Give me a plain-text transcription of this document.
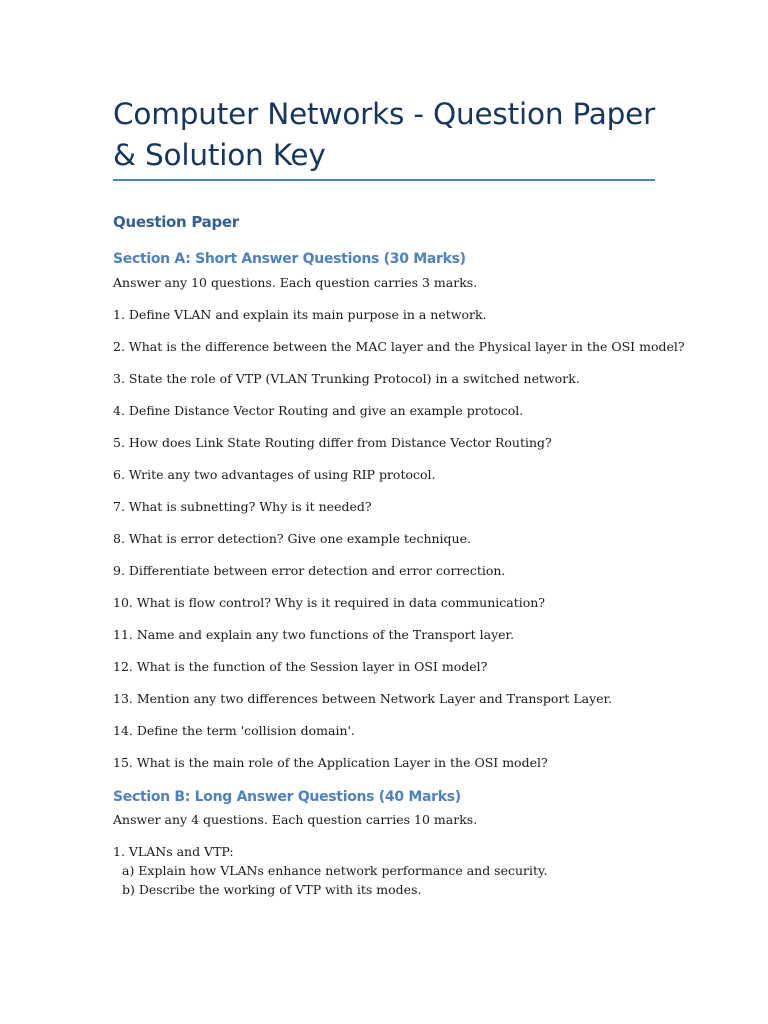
Computer Networks - Question Paper & Solution Key
Question Paper
Section A: Short Answer Questions (30 Marks)

Answer any 10 questions. Each question carries 3 marks.

1. Define VLAN and explain its main purpose in a network.

2. What is the difference between the MAC layer and the Physical layer in the OSI model?

3. State the role of VTP (VLAN Trunking Protocol) in a switched network.

4. Define Distance Vector Routing and give an example protocol.

5. How does Link State Routing differ from Distance Vector Routing?

6. Write any two advantages of using RIP protocol.

7. What is subnetting? Why is it needed?

8. What is error detection? Give one example technique.

9. Differentiate between error detection and error correction.

10. What is flow control? Why is it required in data communication?

11. Name and explain any two functions of the Transport layer.

12. What is the function of the Session layer in OSI model?

13. Mention any two differences between Network Layer and Transport Layer.

14. Define the term 'collision domain'.

15. What is the main role of the Application Layer in the OSI model?

Section B: Long Answer Questions (40 Marks)

Answer any 4 questions. Each question carries 10 marks.

1. VLANs and VTP:

a) Explain how VLANs enhance network performance and security.

b) Describe the working of VTP with its modes.
